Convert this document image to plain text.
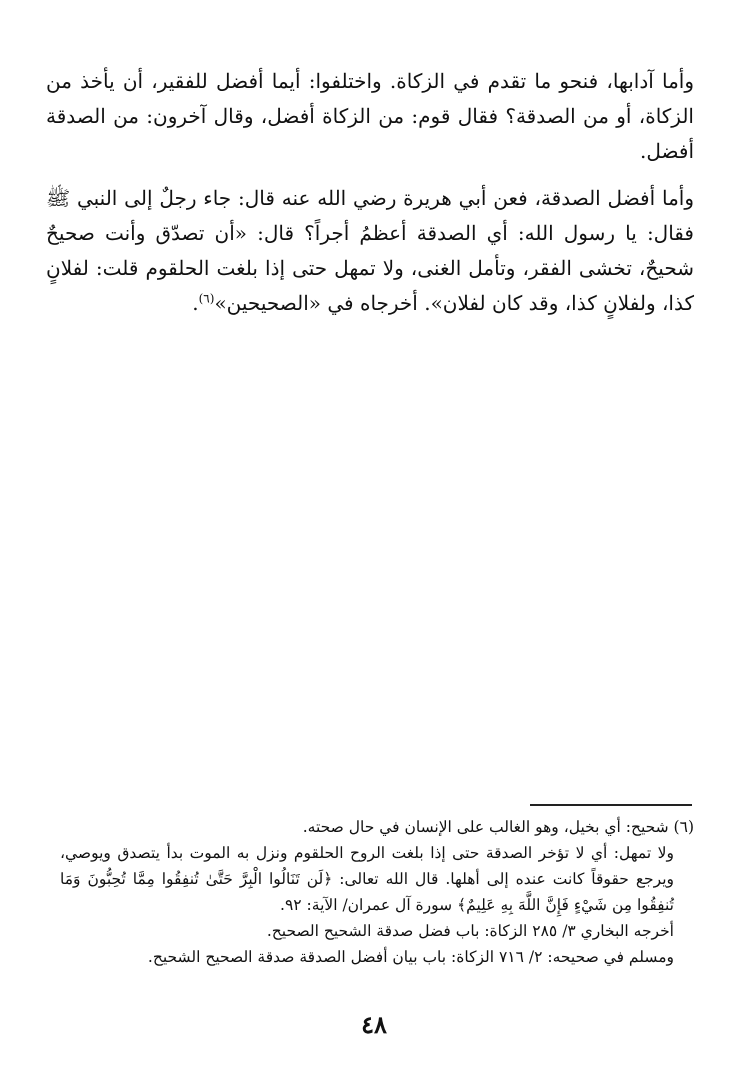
وأما آدابها، فنحو ما تقدم في الزكاة. واختلفوا: أيما أفضل للفقير، أن يأخذ من الزكاة، أو من الصدقة؟ فقال قوم: من الزكاة أفضل، وقال آخرون: من الصدقة أفضل.

وأما أفضل الصدقة، فعن أبي هريرة رضي الله عنه قال: جاء رجلٌ إلى النبي ﷺ فقال: يا رسول الله: أي الصدقة أعظمُ أجراً؟ قال: «أن تصدّق وأنت صحيحٌ شحيحٌ، تخشى الفقر، وتأمل الغنى، ولا تمهل حتى إذا بلغت الحلقوم قلت: لفلانٍ كذا، ولفلانٍ كذا، وقد كان لفلان». أخرجاه في «الصحيحين»$^{(٦)}$.

(٦) شحيح: أي بخيل، وهو الغالب على الإنسان في حال صحته.

ولا تمهل: أي لا تؤخر الصدقة حتى إذا بلغت الروح الحلقوم ونزل به الموت بدأ يتصدق ويوصي، ويرجع حقوقاً كانت عنده إلى أهلها. قال الله تعالى: ﴿لَن تَنَالُوا الْبِرَّ حَتَّىٰ تُنفِقُوا مِمَّا تُحِبُّونَ وَمَا تُنفِقُوا مِن شَيْءٍ فَإِنَّ اللَّهَ بِهِ عَلِيمٌ﴾ سورة آل عمران/ الآية: ٩٢.

أخرجه البخاري ٣/ ٢٨٥ الزكاة: باب فضل صدقة الشحيح الصحيح.

ومسلم في صحيحه: ٢/ ٧١٦ الزكاة: باب بيان أفضل الصدقة صدقة الصحيح الشحيح.

٤٨
